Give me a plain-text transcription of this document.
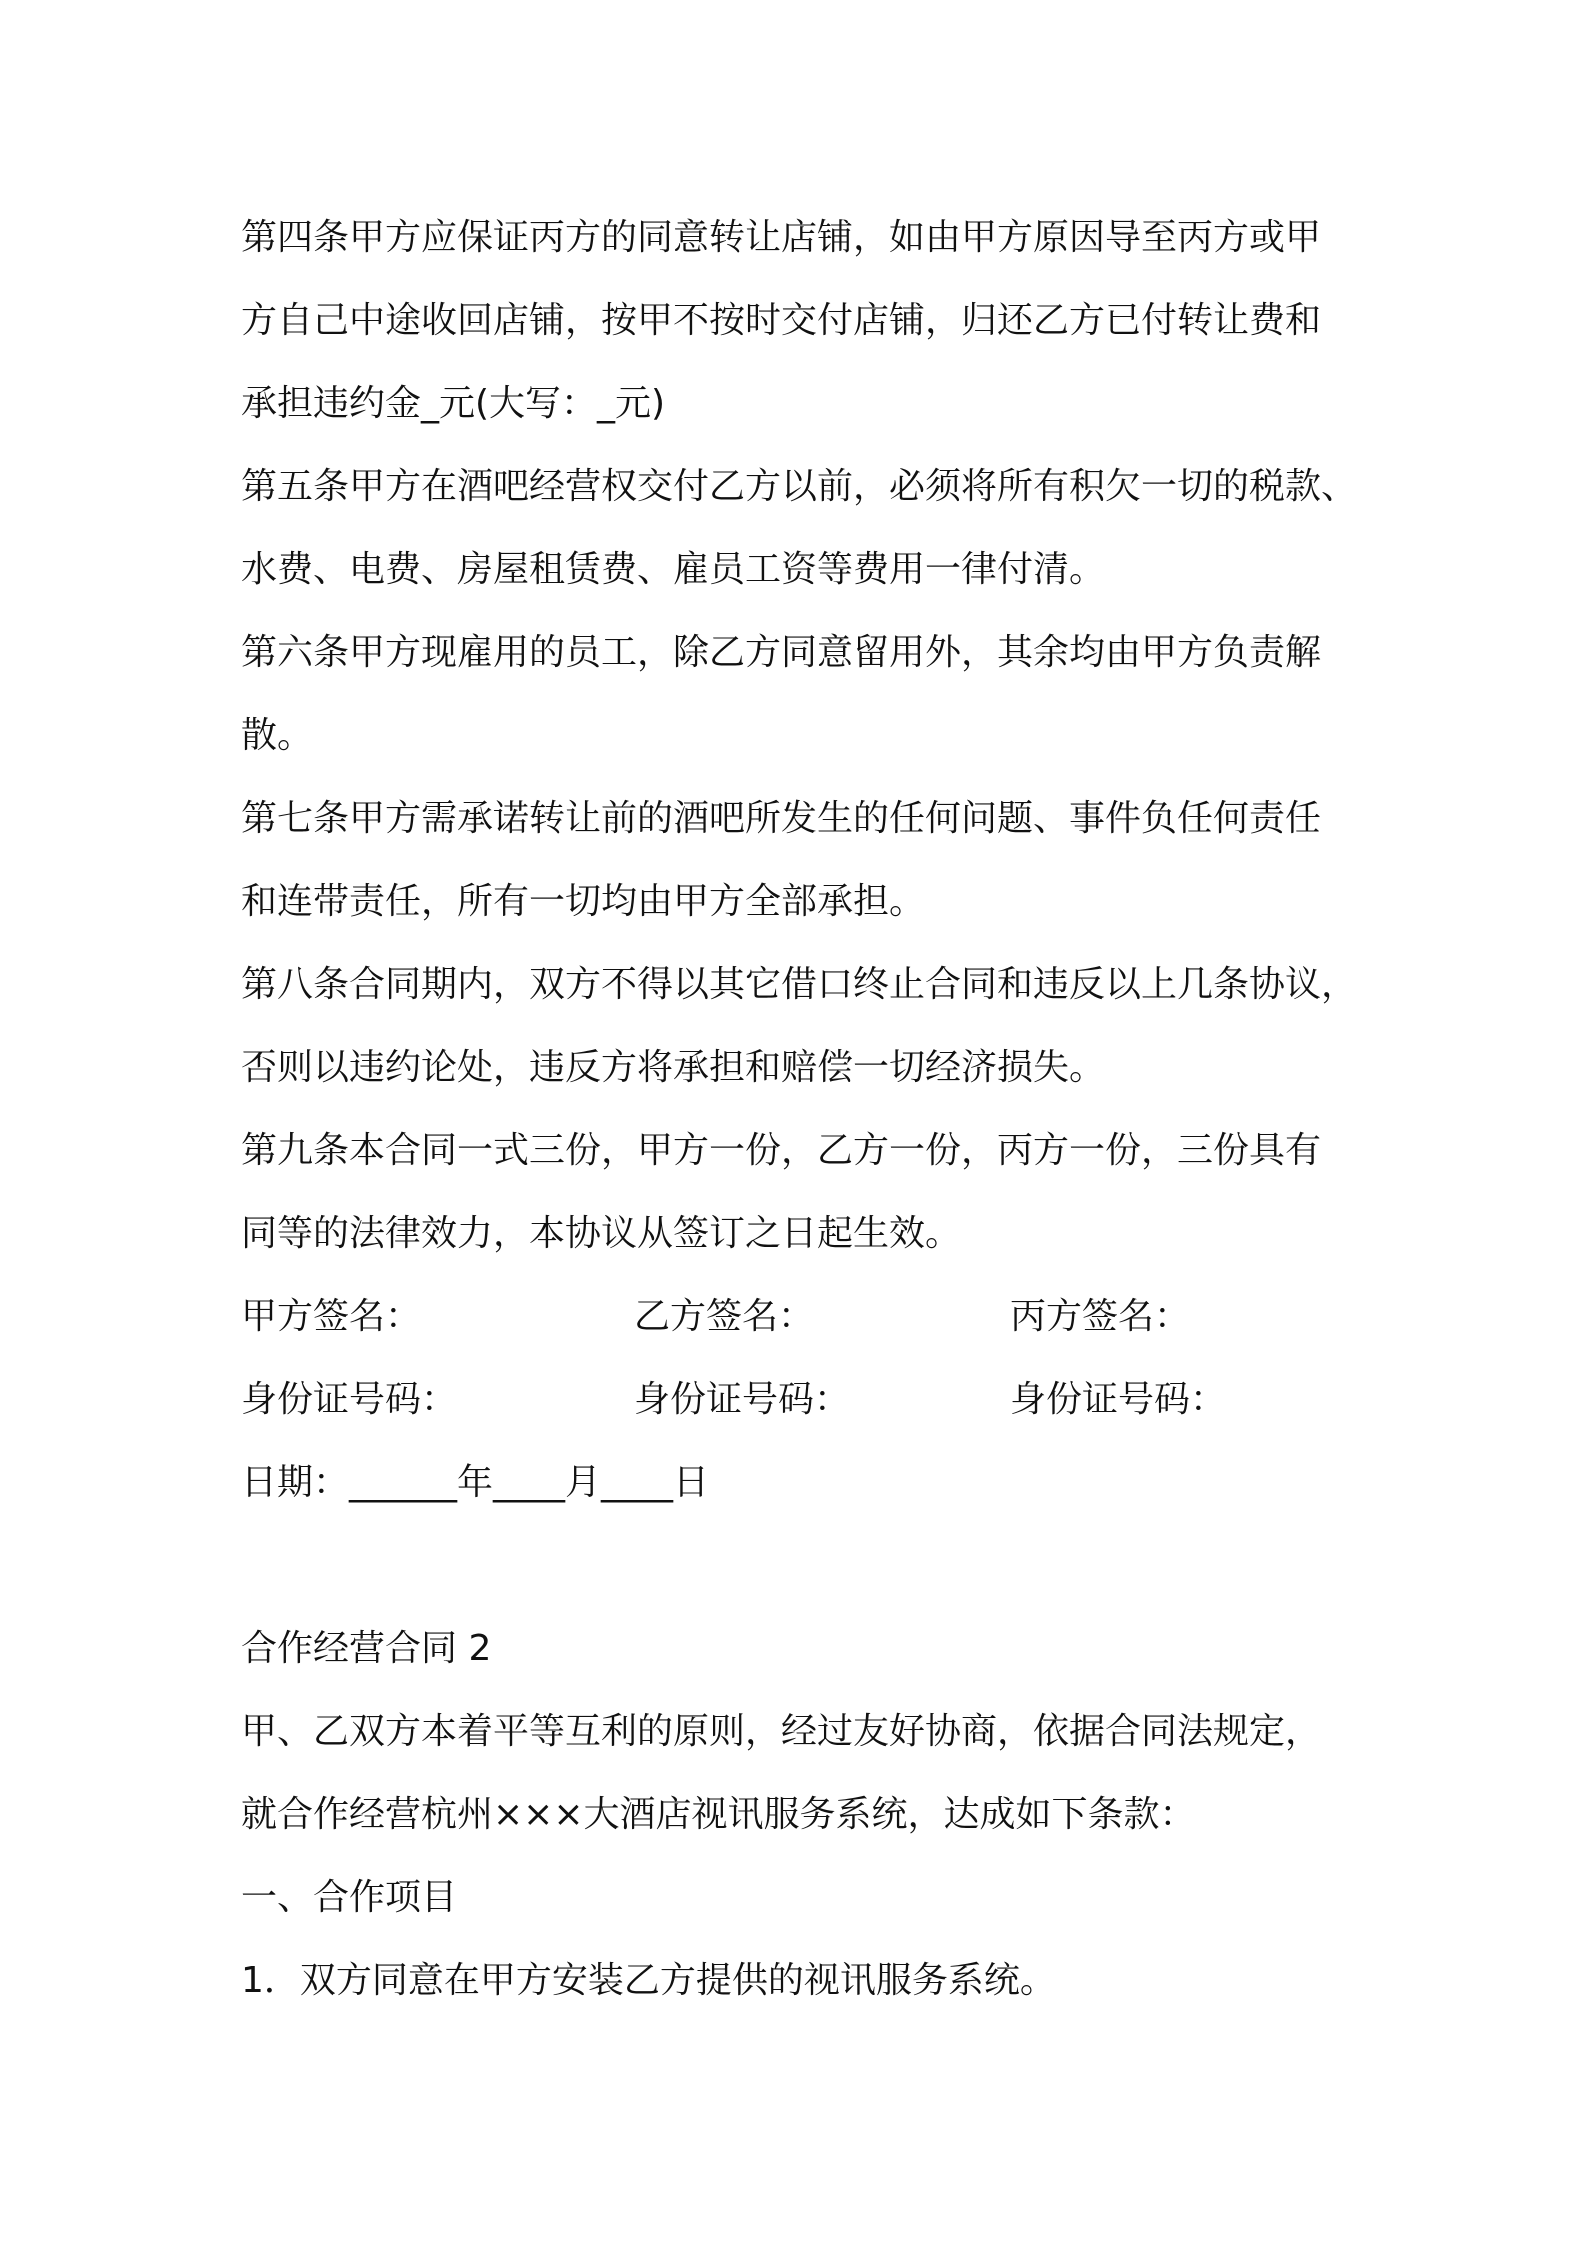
第四条甲方应保证丙方的同意转让店铺，如由甲方原因导至丙方或甲
方自己中途收回店铺，按甲不按时交付店铺，归还乙方已付转让费和
承担违约金_元(大写：_元)
第五条甲方在酒吧经营权交付乙方以前，必须将所有积欠一切的税款、
水费、电费、房屋租赁费、雇员工资等费用一律付清。
第六条甲方现雇用的员工，除乙方同意留用外，其余均由甲方负责解
散。
第七条甲方需承诺转让前的酒吧所发生的任何问题、事件负任何责任
和连带责任，所有一切均由甲方全部承担。
第八条合同期内，双方不得以其它借口终止合同和违反以上几条协议，
否则以违约论处，违反方将承担和赔偿一切经济损失。
第九条本合同一式三份，甲方一份，乙方一份，丙方一份，三份具有
同等的法律效力，本协议从签订之日起生效。
甲方签名：	乙方签名：	丙方签名：
身份证号码：	身份证号码：	身份证号码：
日期：______年____月____日
合作经营合同 2
甲、乙双方本着平等互利的原则，经过友好协商，依据合同法规定，
就合作经营杭州×××大酒店视讯服务系统，达成如下条款：
一、合作项目
1．双方同意在甲方安装乙方提供的视讯服务系统。
